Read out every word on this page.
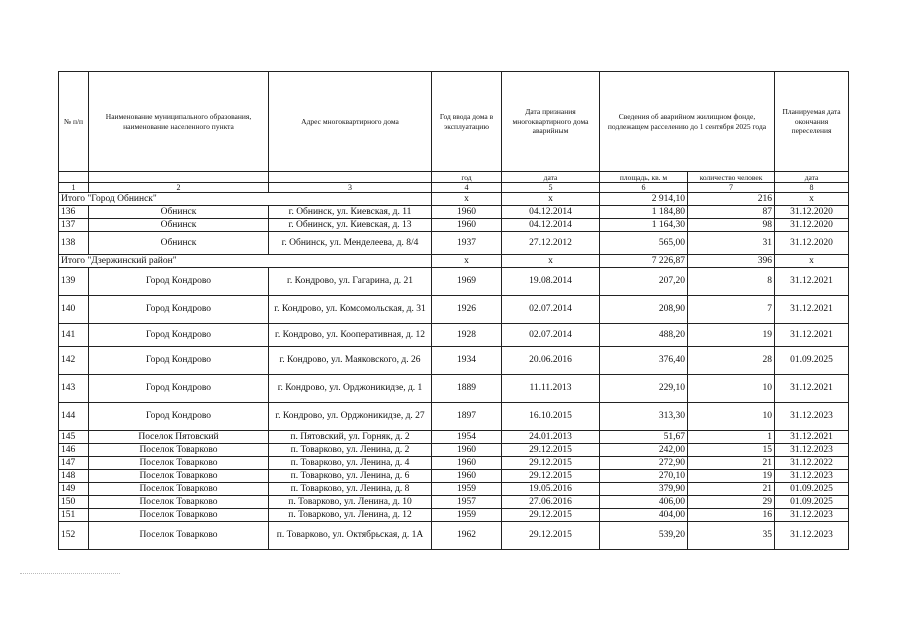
№ п/п	Наименование муниципального образования, наименование населенного пункта	Адрес многоквартирного дома	Год ввода дома в эксплуатацию	Дата признания многоквартирного дома аварийным	Сведения об аварийном жилищном фонде, подлежащем расселению до 1 сентября 2025 года		Планируемая дата окончания переселения
			год	дата	площадь, кв. м	количество человек	дата
1	2	3	4	5	6	7	8
Итого "Город Обнинск"			x	x	2 914,10	216	x
136	Обнинск	г. Обнинск, ул. Киевская, д. 11	1960	04.12.2014	1 184,80	87	31.12.2020
137	Обнинск	г. Обнинск, ул. Киевская, д. 13	1960	04.12.2014	1 164,30	98	31.12.2020
138	Обнинск	г. Обнинск, ул. Менделеева, д. 8/4	1937	27.12.2012	565,00	31	31.12.2020
Итого "Дзержинский район"			x	x	7 226,87	396	x
139	Город Кондрово	г. Кондрово, ул. Гагарина, д. 21	1969	19.08.2014	207,20	8	31.12.2021
140	Город Кондрово	г. Кондрово, ул. Комсомольская, д. 31	1926	02.07.2014	208,90	7	31.12.2021
141	Город Кондрово	г. Кондрово, ул. Кооперативная, д. 12	1928	02.07.2014	488,20	19	31.12.2021
142	Город Кондрово	г. Кондрово, ул. Маяковского, д. 26	1934	20.06.2016	376,40	28	01.09.2025
143	Город Кондрово	г. Кондрово, ул. Орджоникидзе, д. 1	1889	11.11.2013	229,10	10	31.12.2021
144	Город Кондрово	г. Кондрово, ул. Орджоникидзе, д. 27	1897	16.10.2015	313,30	10	31.12.2023
145	Поселок Пятовский	п. Пятовский, ул. Горняк, д. 2	1954	24.01.2013	51,67	1	31.12.2021
146	Поселок Товарково	п. Товарково, ул. Ленина, д. 2	1960	29.12.2015	242,00	15	31.12.2023
147	Поселок Товарково	п. Товарково, ул. Ленина, д. 4	1960	29.12.2015	272,90	21	31.12.2022
148	Поселок Товарково	п. Товарково, ул. Ленина, д. 6	1960	29.12.2015	270,10	19	31.12.2023
149	Поселок Товарково	п. Товарково, ул. Ленина, д. 8	1959	19.05.2016	379,90	21	01.09.2025
150	Поселок Товарково	п. Товарково, ул. Ленина, д. 10	1957	27.06.2016	406,00	29	01.09.2025
151	Поселок Товарково	п. Товарково, ул. Ленина, д. 12	1959	29.12.2015	404,00	16	31.12.2023
152	Поселок Товарково	п. Товарково, ул. Октябрьская, д. 1А	1962	29.12.2015	539,20	35	31.12.2023
